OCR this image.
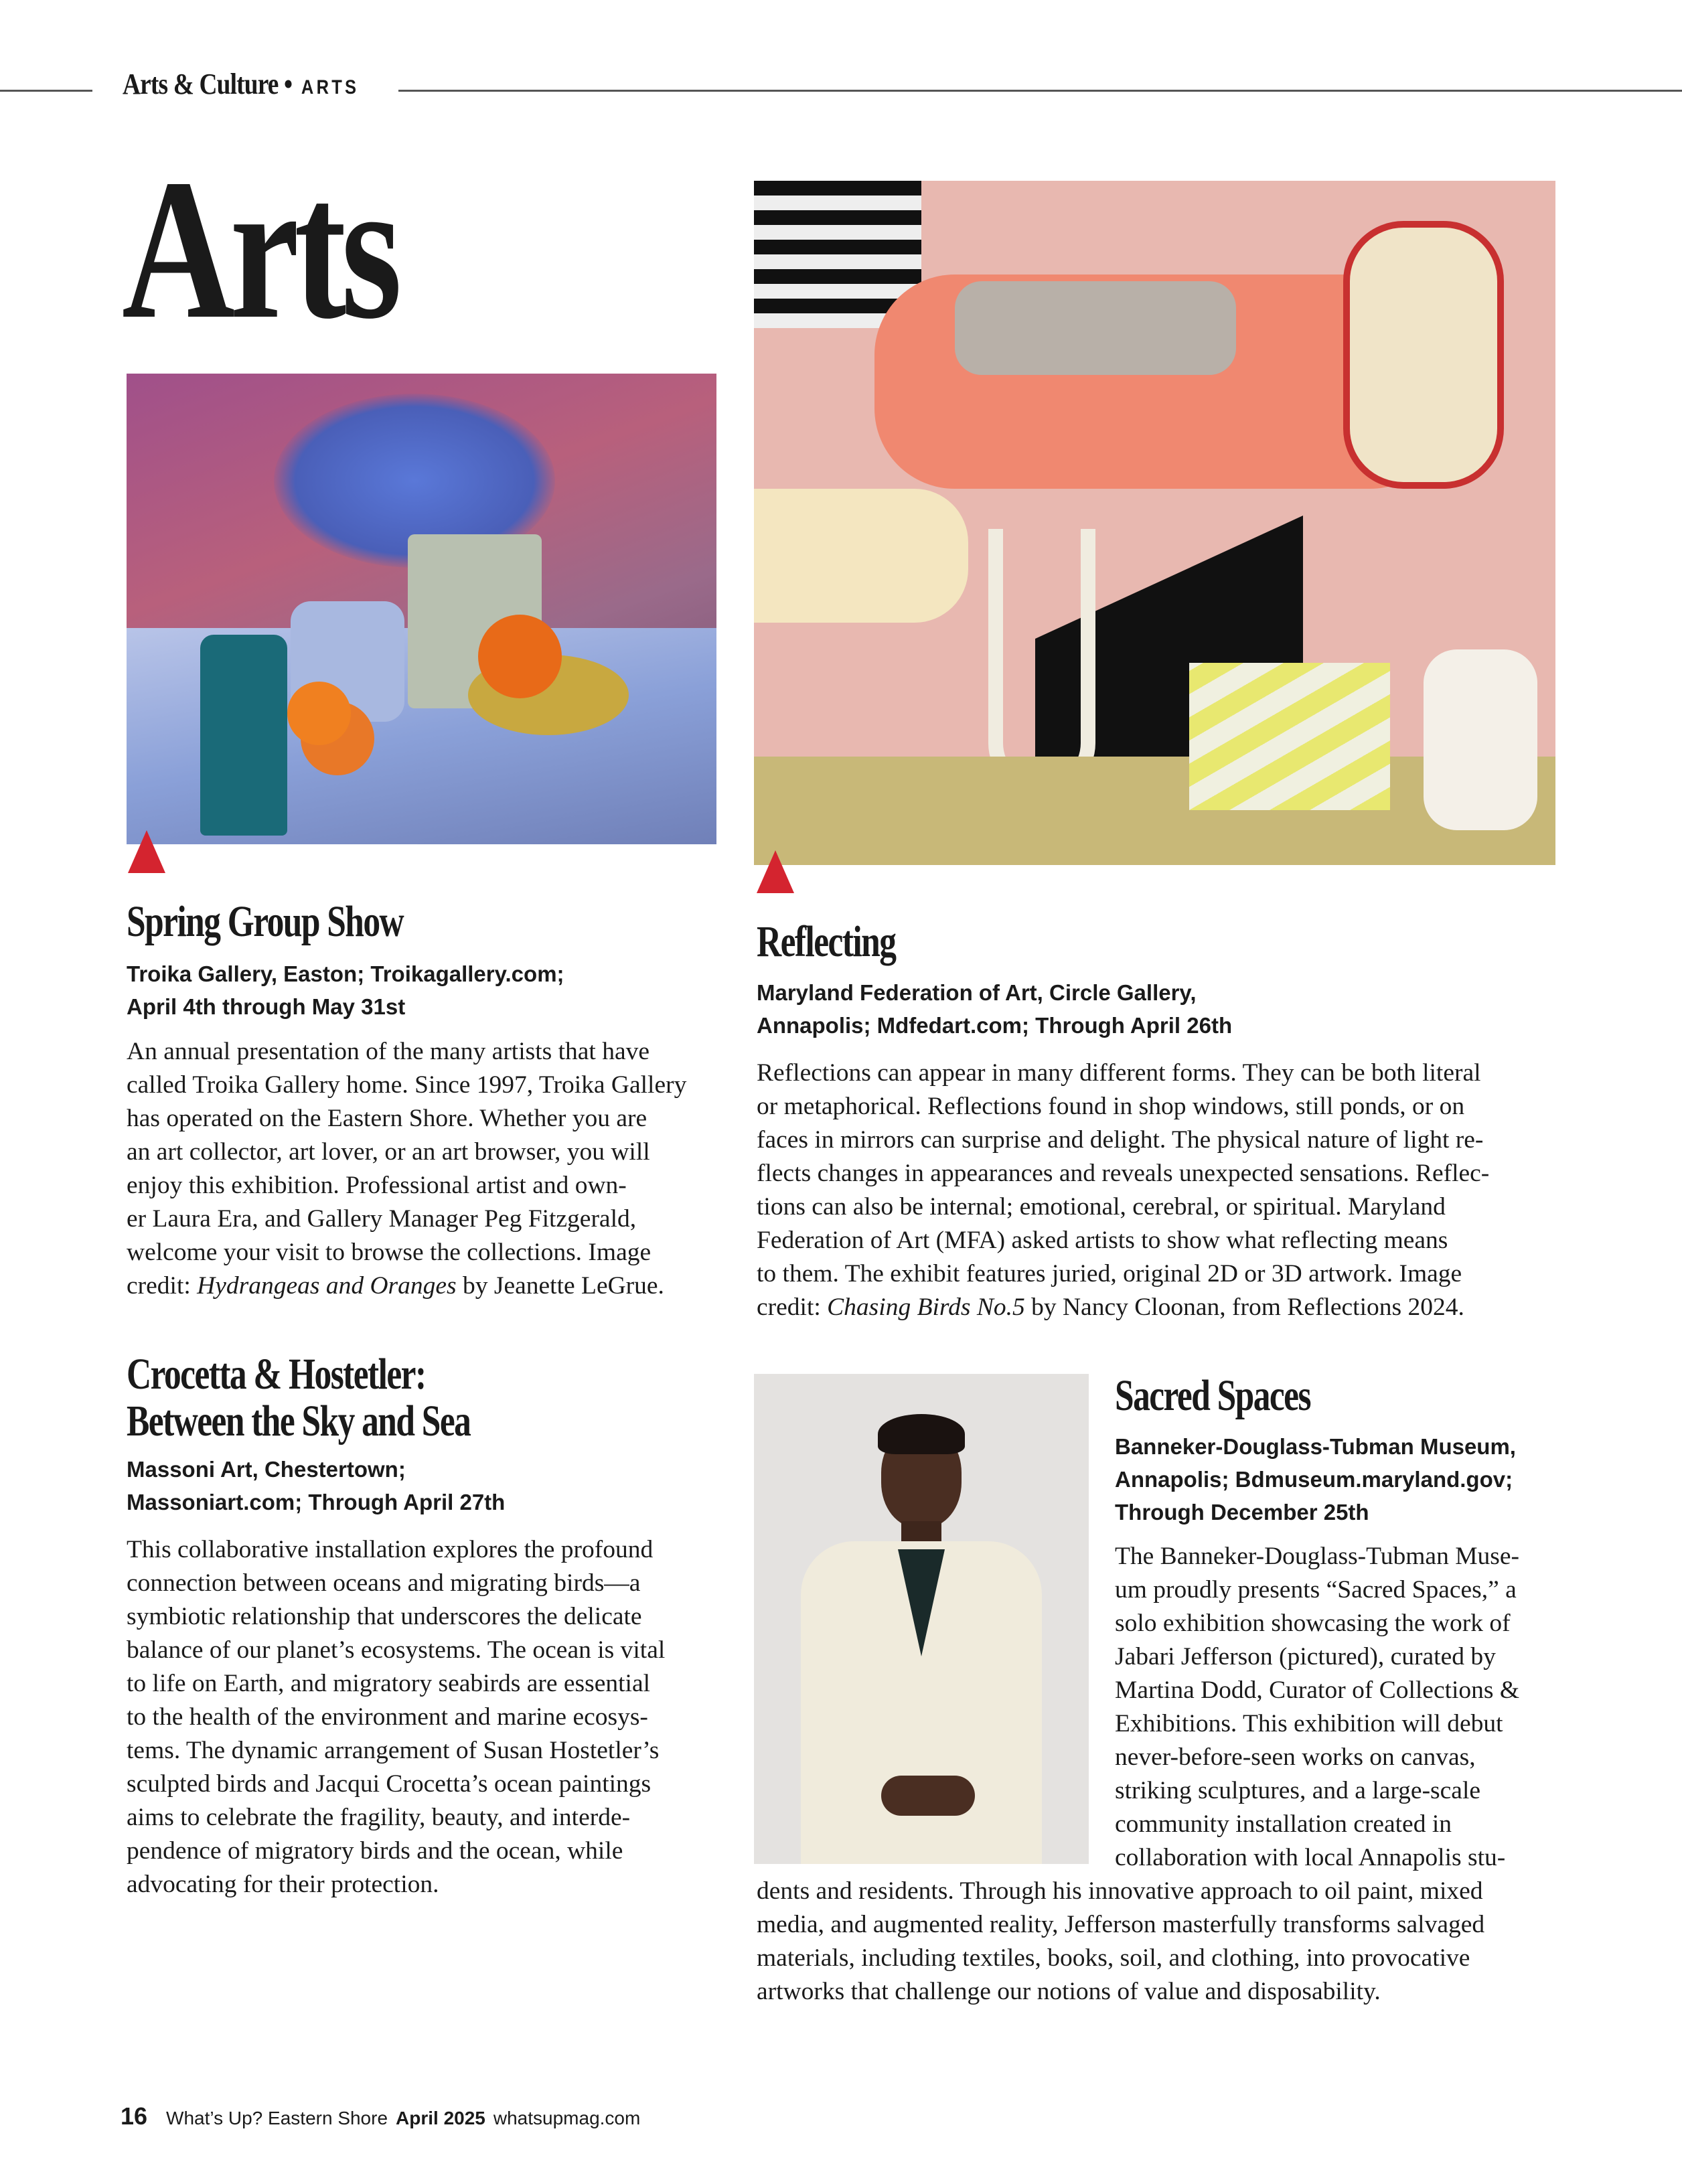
Arts & Culture • ARTS
Arts
Spring Group Show
Troika Gallery, Easton; Troikagallery.com;
April 4th through May 31st
An annual presentation of the many artists that have
called Troika Gallery home. Since 1997, Troika Gallery
has operated on the Eastern Shore. Whether you are
an art collector, art lover, or an art browser, you will
enjoy this exhibition. Professional artist and own-
er Laura Era, and Gallery Manager Peg Fitzgerald,
welcome your visit to browse the collections. Image
credit: Hydrangeas and Oranges by Jeanette LeGrue.
Reflecting
Maryland Federation of Art, Circle Gallery,
Annapolis; Mdfedart.com; Through April 26th
Reflections can appear in many different forms. They can be both literal
or metaphorical. Reflections found in shop windows, still ponds, or on
faces in mirrors can surprise and delight. The physical nature of light re-
flects changes in appearances and reveals unexpected sensations. Reflec-
tions can also be internal; emotional, cerebral, or spiritual. Maryland
Federation of Art (MFA) asked artists to show what reflecting means
to them. The exhibit features juried, original 2D or 3D artwork. Image
credit: Chasing Birds No.5 by Nancy Cloonan, from Reflections 2024.
Crocetta & Hostetler:
Between the Sky and Sea
Massoni Art, Chestertown;
Massoniart.com; Through April 27th
This collaborative installation explores the profound
connection between oceans and migrating birds—a
symbiotic relationship that underscores the delicate
balance of our planet’s ecosystems. The ocean is vital
to life on Earth, and migratory seabirds are essential
to the health of the environment and marine ecosys-
tems. The dynamic arrangement of Susan Hostetler’s
sculpted birds and Jacqui Crocetta’s ocean paintings
aims to celebrate the fragility, beauty, and interde-
pendence of migratory birds and the ocean, while
advocating for their protection.
Sacred Spaces
Banneker-Douglass-Tubman Museum,
Annapolis; Bdmuseum.maryland.gov;
Through December 25th
The Banneker-Douglass-Tubman Muse-
um proudly presents “Sacred Spaces,” a
solo exhibition showcasing the work of
Jabari Jefferson (pictured), curated by
Martina Dodd, Curator of Collections &
Exhibitions. This exhibition will debut
never-before-seen works on canvas,
striking sculptures, and a large-scale
community installation created in
collaboration with local Annapolis stu-
dents and residents. Through his innovative approach to oil paint, mixed
media, and augmented reality, Jefferson masterfully transforms salvaged
materials, including textiles, books, soil, and clothing, into provocative
artworks that challenge our notions of value and disposability.
16 What’s Up? Eastern Shore April 2025 whatsupmag.com
